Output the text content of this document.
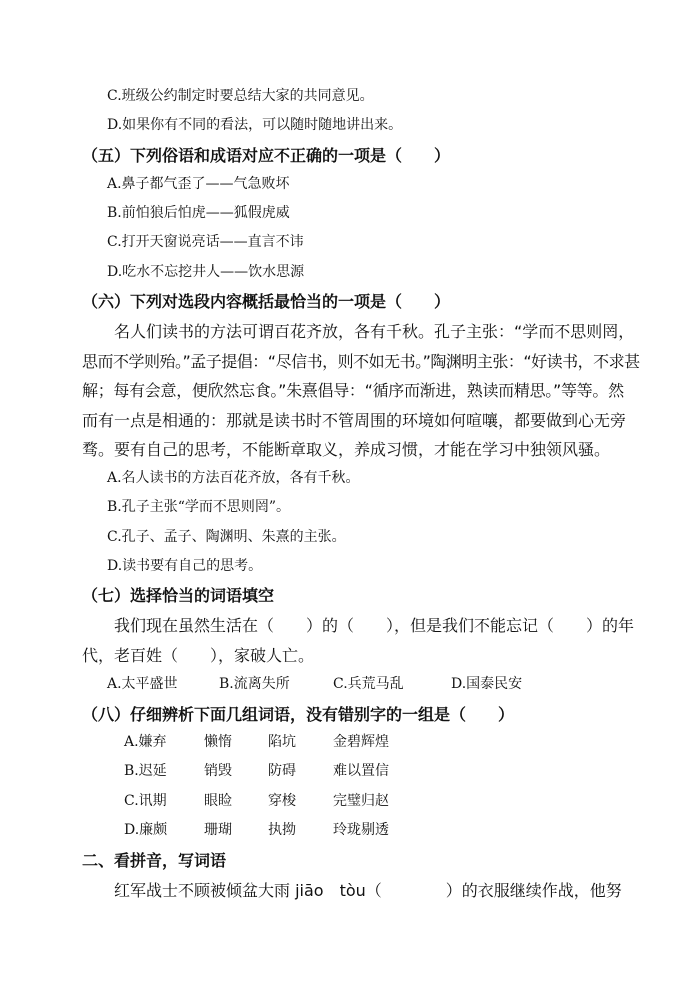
C.班级公约制定时要总结大家的共同意见。
D.如果你有不同的看法，可以随时随地讲出来。
（五）下列俗语和成语对应不正确的一项是（　　）
A.鼻子都气歪了——气急败坏
B.前怕狼后怕虎——狐假虎威
C.打开天窗说亮话——直言不讳
D.吃水不忘挖井人——饮水思源
（六）下列对选段内容概括最恰当的一项是（　　）
名人们读书的方法可谓百花齐放，各有千秋。孔子主张：“学而不思则罔，
思而不学则殆。”孟子提倡：“尽信书，则不如无书。”陶渊明主张：“好读书，不求甚
解；每有会意，便欣然忘食。”朱熹倡导：“循序而渐进，熟读而精思。”等等。然
而有一点是相通的：那就是读书时不管周围的环境如何喧嚷，都要做到心无旁
骛。要有自己的思考，不能断章取义，养成习惯，才能在学习中独领风骚。
A.名人读书的方法百花齐放，各有千秋。
B.孔子主张“学而不思则罔”。
C.孔子、孟子、陶渊明、朱熹的主张。
D.读书要有自己的思考。
（七）选择恰当的词语填空
我们现在虽然生活在（　　）的（　　），但是我们不能忘记（　　）的年
代，老百姓（　　），家破人亡。
A.太平盛世	B.流离失所	C.兵荒马乱	D.国泰民安
（八）仔细辨析下面几组词语，没有错别字的一组是（　　）
A.嫌弃	懒惰	陷坑	金碧辉煌
B.迟延	销毁	防碍	难以置信
C.讯期	眼睑	穿梭	完璧归赵
D.廉颇	珊瑚	执拗	玲珑剔透
二、看拼音，写词语
红军战士不顾被倾盆大雨 jiāo　tòu（　　　　）的衣服继续作战，他努
